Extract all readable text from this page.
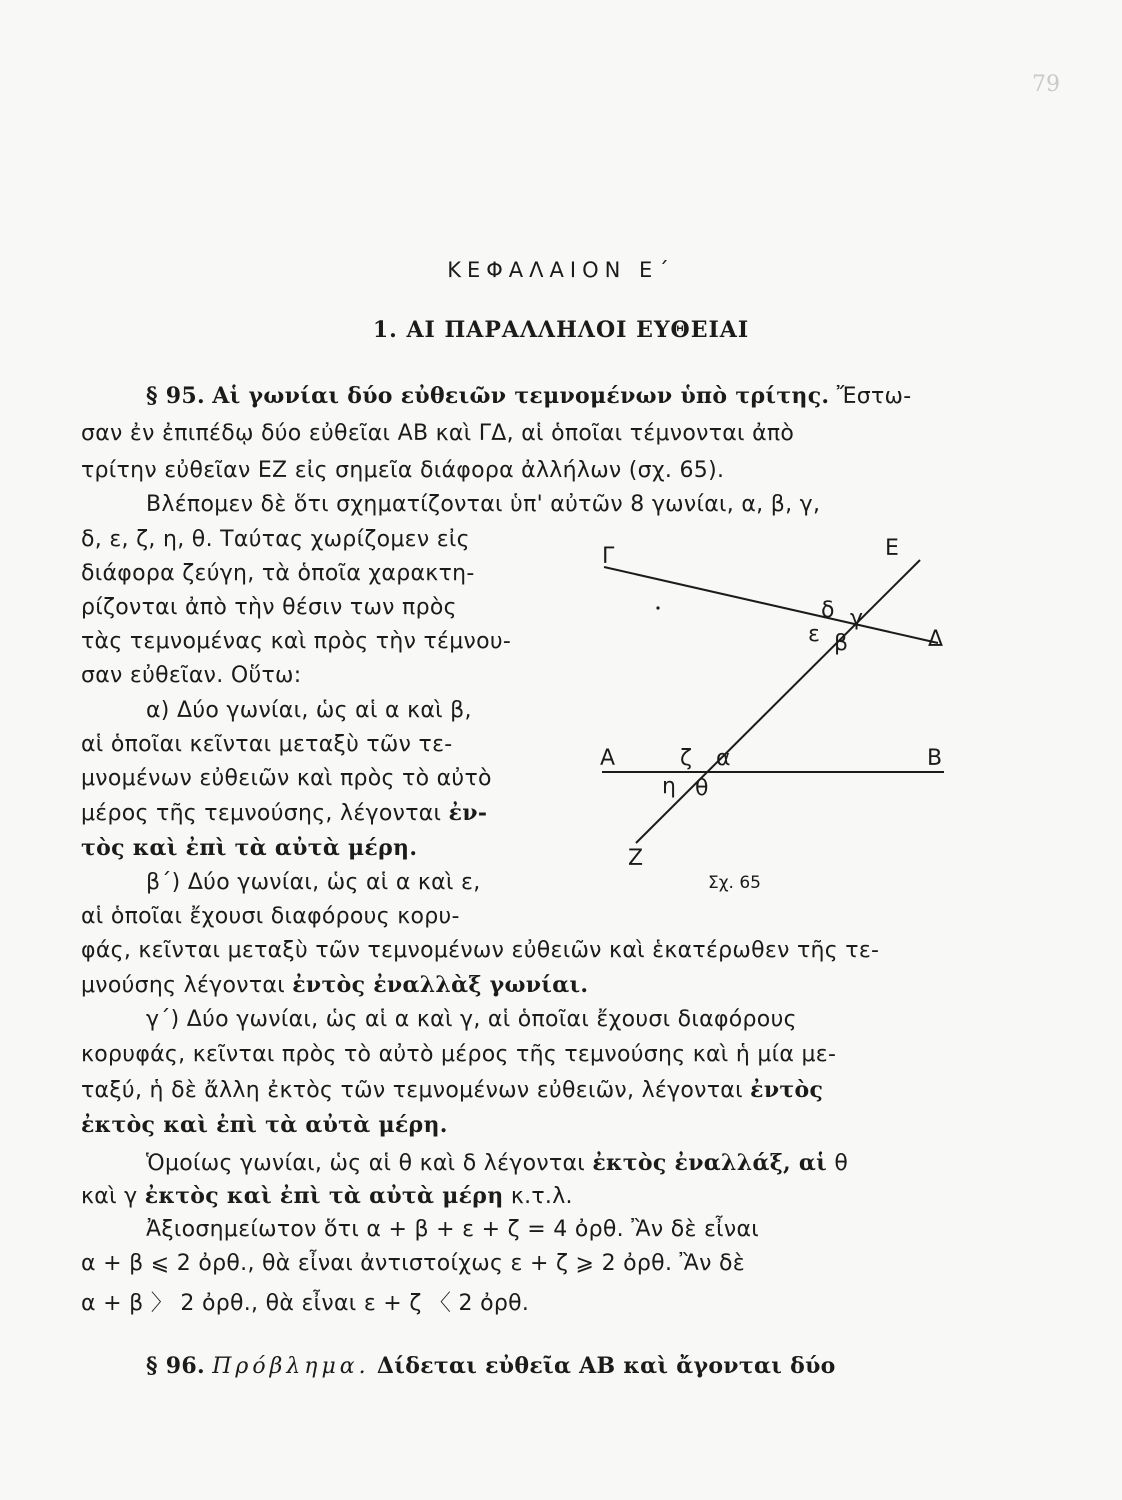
79
ΚΕΦΑΛΑΙΟΝ Ε΄
1. ΑΙ ΠΑΡΑΛΛΗΛΟΙ ΕΥΘΕΙΑΙ
§ 95. Αἱ γωνίαι δύο εὐθειῶν τεμνομένων ὑπὸ τρίτης. Ἔστω-
σαν ἐν ἐπιπέδῳ δύο εὐθεῖαι ΑΒ καὶ ΓΔ, αἱ ὁποῖαι τέμνονται ἀπὸ
τρίτην εὐθεῖαν ΕΖ εἰς σημεῖα διάφορα ἀλλήλων (σχ. 65).
Βλέπομεν δὲ ὅτι σχηματίζονται ὑπ' αὐτῶν 8 γωνίαι, α, β, γ,
δ, ε, ζ, η, θ. Ταύτας χωρίζομεν εἰς
διάφορα ζεύγη, τὰ ὁποῖα χαρακτη-
ρίζονται ἀπὸ τὴν θέσιν των πρὸς
τὰς τεμνομένας καὶ πρὸς τὴν τέμνου-
σαν εὐθεῖαν. Οὕτω:
α) Δύο γωνίαι, ὡς αἱ α καὶ β,
αἱ ὁποῖαι κεῖνται μεταξὺ τῶν τε-
μνομένων εὐθειῶν καὶ πρὸς τὸ αὐτὸ
μέρος τῆς τεμνούσης, λέγονται ἐν-
τὸς καὶ ἐπὶ τὰ αὐτὰ μέρη.
β΄) Δύο γωνίαι, ὡς αἱ α καὶ ε,
αἱ ὁποῖαι ἔχουσι διαφόρους κορυ-
φάς, κεῖνται μεταξὺ τῶν τεμνομένων εὐθειῶν καὶ ἑκατέρωθεν τῆς τε-
μνούσης λέγονται ἐντὸς ἐναλλὰξ γωνίαι.
γ΄) Δύο γωνίαι, ὡς αἱ α καὶ γ, αἱ ὁποῖαι ἔχουσι διαφόρους
κορυφάς, κεῖνται πρὸς τὸ αὐτὸ μέρος τῆς τεμνούσης καὶ ἡ μία με-
ταξύ, ἡ δὲ ἄλλη ἐκτὸς τῶν τεμνομένων εὐθειῶν, λέγονται ἐντὸς
ἐκτὸς καὶ ἐπὶ τὰ αὐτὰ μέρη.
Ὁμοίως γωνίαι, ὡς αἱ θ καὶ δ λέγονται ἐκτὸς ἐναλλάξ, αἱ θ
καὶ γ ἐκτὸς καὶ ἐπὶ τὰ αὐτὰ μέρη κ.τ.λ.
Ἀξιοσημείωτον ὅτι α + β + ε + ζ = 4 ὀρθ. Ἂν δὲ εἶναι
α + β ⩽ 2 ὀρθ., θὰ εἶναι ἀντιστοίχως ε + ζ ⩾ 2 ὀρθ. Ἂν δὲ
α + β 〉 2 ὀρθ., θὰ εἶναι ε + ζ 〈 2 ὀρθ.
§ 96. Πρόβλημα. Δίδεται εὐθεῖα ΑΒ καὶ ἄγονται δύο
Γ	Ε
Δ
Α	Β
Ζ
δ γ
ε β
ζ α
η θ
Σχ. 65
